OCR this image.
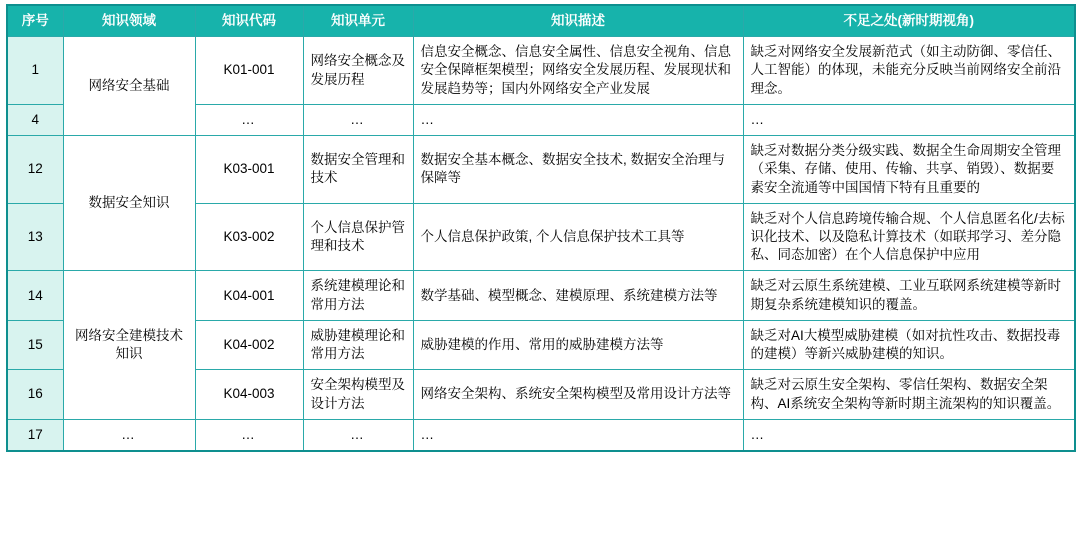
序号	知识领域	知识代码	知识单元	知识描述	不足之处(新时期视角)
1	网络安全基础	K01-001	网络安全概念及发展历程	信息安全概念、信息安全属性、信息安全视角、信息安全保障框架模型；网络安全发展历程、发展现状和发展趋势等；国内外网络安全产业发展	缺乏对网络安全发展新范式（如主动防御、零信任、人工智能）的体现，未能充分反映当前网络安全前沿理念。
4		…	…	…	…
12	数据安全知识	K03-001	数据安全管理和技术	数据安全基本概念、数据安全技术, 数据安全治理与保障等	缺乏对数据分类分级实践、数据全生命周期安全管理（采集、存储、使用、传输、共享、销毁）、数据要素安全流通等中国国情下特有且重要的
13		K03-002	个人信息保护管理和技术	个人信息保护政策, 个人信息保护技术工具等	缺乏对个人信息跨境传输合规、个人信息匿名化/去标识化技术、以及隐私计算技术（如联邦学习、差分隐私、同态加密）在个人信息保护中应用
14	网络安全建模技术知识	K04-001	系统建模理论和常用方法	数学基础、模型概念、建模原理、系统建模方法等	缺乏对云原生系统建模、工业互联网系统建模等新时期复杂系统建模知识的覆盖。
15		K04-002	威胁建模理论和常用方法	威胁建模的作用、常用的威胁建模方法等	缺乏对AI大模型威胁建模（如对抗性攻击、数据投毒的建模）等新兴威胁建模的知识。
16		K04-003	安全架构模型及设计方法	网络安全架构、系统安全架构模型及常用设计方法等	缺乏对云原生安全架构、零信任架构、数据安全架构、AI系统安全架构等新时期主流架构的知识覆盖。
17	…	…	…	…	…
